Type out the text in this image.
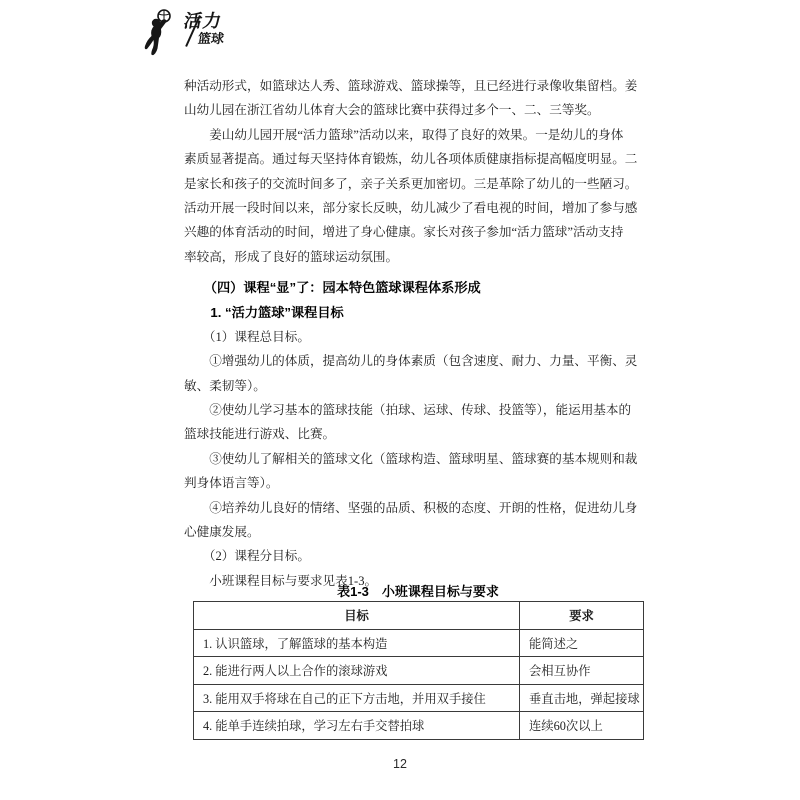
活力
篮球
种活动形式，如篮球达人秀、篮球游戏、篮球操等，且已经进行录像收集留档。姜
山幼儿园在浙江省幼儿体育大会的篮球比赛中获得过多个一、二、三等奖。
　　姜山幼儿园开展“活力篮球”活动以来，取得了良好的效果。一是幼儿的身体
素质显著提高。通过每天坚持体育锻炼，幼儿各项体质健康指标提高幅度明显。二
是家长和孩子的交流时间多了，亲子关系更加密切。三是革除了幼儿的一些陋习。
活动开展一段时间以来，部分家长反映，幼儿减少了看电视的时间，增加了参与感
兴趣的体育活动的时间，增进了身心健康。家长对孩子参加“活力篮球”活动支持
率较高，形成了良好的篮球运动氛围。
　　（四）课程“显”了：园本特色篮球课程体系形成
　　1. “活力篮球”课程目标
　　（1）课程总目标。
　　①增强幼儿的体质，提高幼儿的身体素质（包含速度、耐力、力量、平衡、灵
敏、柔韧等）。
　　②使幼儿学习基本的篮球技能（拍球、运球、传球、投篮等），能运用基本的
篮球技能进行游戏、比赛。
　　③使幼儿了解相关的篮球文化（篮球构造、篮球明星、篮球赛的基本规则和裁
判身体语言等）。
　　④培养幼儿良好的情绪、坚强的品质、积极的态度、开朗的性格，促进幼儿身
心健康发展。
　　（2）课程分目标。
　　小班课程目标与要求见表1-3。
表1-3　小班课程目标与要求
目标	要求
1. 认识篮球，了解篮球的基本构造	能简述之
2. 能进行两人以上合作的滚球游戏	会相互协作
3. 能用双手将球在自己的正下方击地，并用双手接住	垂直击地，弹起接球
4. 能单手连续拍球，学习左右手交替拍球	连续60次以上
12
